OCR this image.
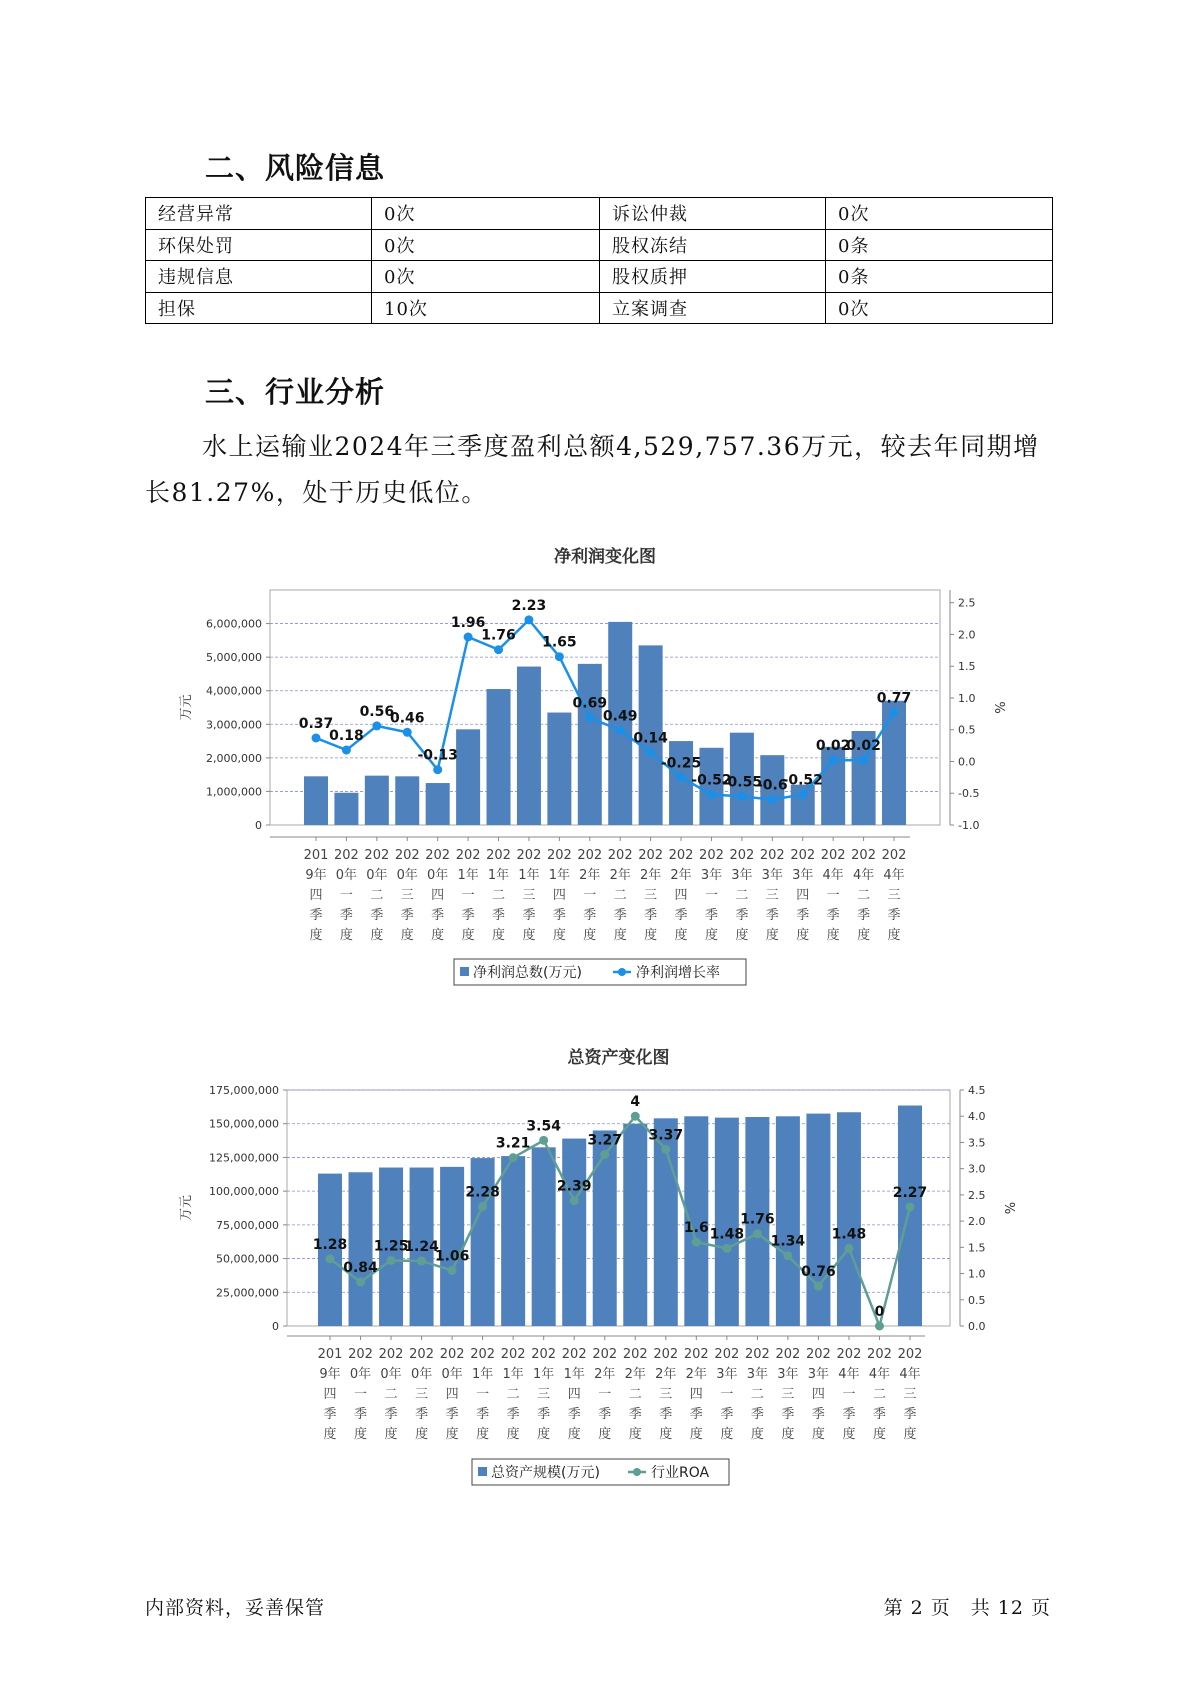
二、风险信息
经营异常	0次	诉讼仲裁	0次
环保处罚	0次	股权冻结	0条
违规信息	0次	股权质押	0条
担保	10次	立案调查	0次
三、行业分析

水上运输业2024年三季度盈利总额4,529,757.36万元，较去年同期增长81.27%，处于历史低位。

净利润变化图
0
1,000,000
2,000,000
3,000,000
4,000,000
5,000,000
6,000,000
-1.0
-0.5
0.0
0.5
1.0
1.5
2.0
2.5
万元	%
201
9年
四
季
度
202
0年
一
季
度
202
0年
二
季
度
202
0年
三
季
度
202
0年
四
季
度
202
1年
一
季
度
202
1年
二
季
度
202
1年
三
季
度
202
1年
四
季
度
202
2年
一
季
度
202
2年
二
季
度
202
2年
三
季
度
202
2年
四
季
度
202
3年
一
季
度
202
3年
二
季
度
202
3年
三
季
度
202
3年
四
季
度
202
4年
一
季
度
202
4年
二
季
度
202
4年
三
季
度
0.37
0.18
0.56
0.46
-0.13
1.96
1.76
2.23
1.65
0.69
0.49
0.14
-0.25
-0.52
-0.55
-0.6
-0.52
0.02
0.02
0.77
净利润总数(万元)	净利润增长率
总资产变化图
0
25,000,000
50,000,000
75,000,000
100,000,000
125,000,000
150,000,000
175,000,000
0.0
0.5
1.0
1.5
2.0
2.5
3.0
3.5
4.0
4.5
万元	%
201
9年
四
季
度
202
0年
一
季
度
202
0年
二
季
度
202
0年
三
季
度
202
0年
四
季
度
202
1年
一
季
度
202
1年
二
季
度
202
1年
三
季
度
202
1年
四
季
度
202
2年
一
季
度
202
2年
二
季
度
202
2年
三
季
度
202
2年
四
季
度
202
3年
一
季
度
202
3年
二
季
度
202
3年
三
季
度
202
3年
四
季
度
202
4年
一
季
度
202
4年
二
季
度
202
4年
三
季
度
1.28
0.84
1.25
1.24
1.06
2.28
3.21
3.54
2.39
3.27
4
3.37
1.6 1.48
1.76
1.34
0.76
1.48
0
2.27
总资产规模(万元)	行业ROA
内部资料，妥善保管	第 2 页　共 12 页
